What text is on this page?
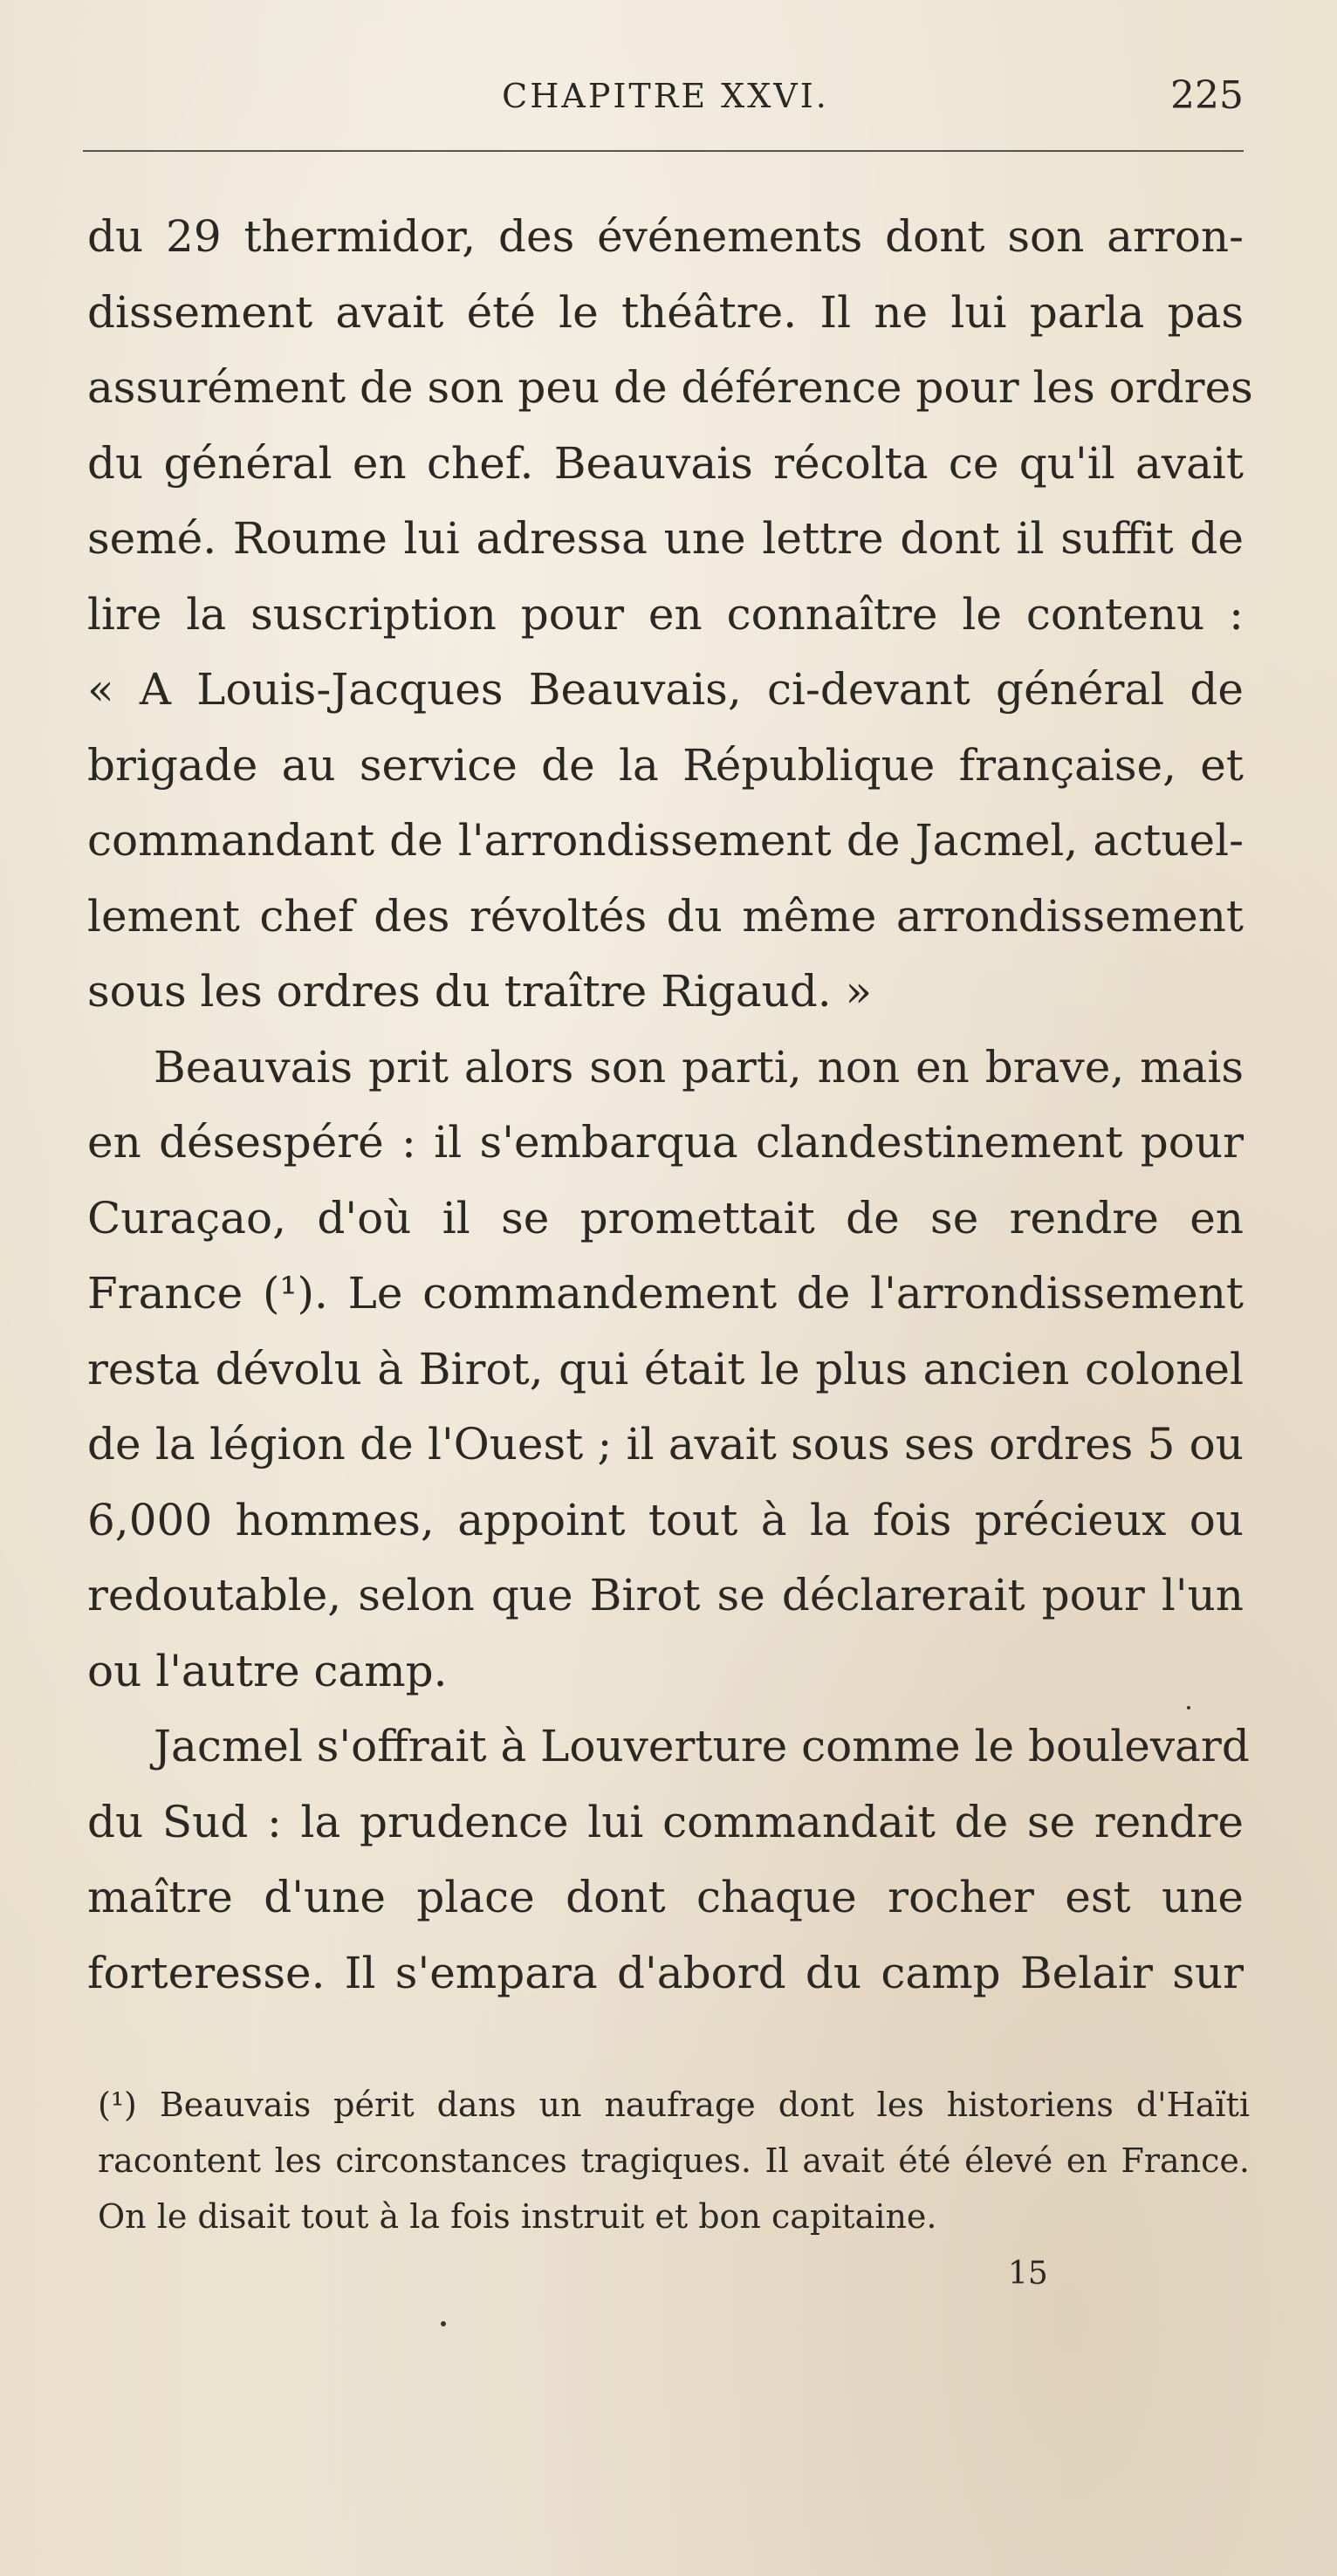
CHAPITRE XXVI.	225
du 29 thermidor, des événements dont son arron-
dissement avait été le théâtre. Il ne lui parla pas
assurément de son peu de déférence pour les ordres
du général en chef. Beauvais récolta ce qu'il avait
semé. Roume lui adressa une lettre dont il suffit de
lire la suscription pour en connaître le contenu :
« A Louis-Jacques Beauvais, ci-devant général de
brigade au service de la République française, et
commandant de l'arrondissement de Jacmel, actuel-
lement chef des révoltés du même arrondissement
sous les ordres du traître Rigaud. »
Beauvais prit alors son parti, non en brave, mais
en désespéré : il s'embarqua clandestinement pour
Curaçao, d'où il se promettait de se rendre en
France (¹). Le commandement de l'arrondissement
resta dévolu à Birot, qui était le plus ancien colonel
de la légion de l'Ouest ; il avait sous ses ordres 5 ou
6,000 hommes, appoint tout à la fois précieux ou
redoutable, selon que Birot se déclarerait pour l'un
ou l'autre camp.
Jacmel s'offrait à Louverture comme le boulevard
du Sud : la prudence lui commandait de se rendre
maître d'une place dont chaque rocher est une
forteresse. Il s'empara d'abord du camp Belair sur
(¹) Beauvais périt dans un naufrage dont les historiens d'Haïti
racontent les circonstances tragiques. Il avait été élevé en France.
On le disait tout à la fois instruit et bon capitaine.
15
